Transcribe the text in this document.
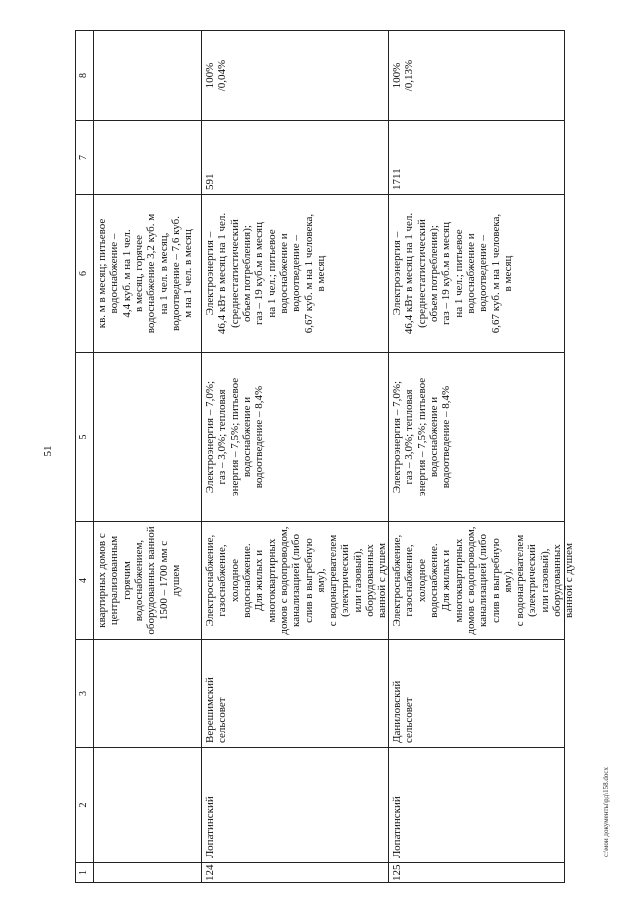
51
c:\мои документы\рд\158.docx
1
2
3
4
5
6
7
8
квартирных домов с
централизованным
горячим
водоснабжением,
оборудованных ванной
1500 – 1700 мм с душем
кв. м в месяц; питьевое
водоснабжение –
4,4 куб. м на 1 чел.
в месяц, горячее
водоснабжение 3,2 куб. м
на 1 чел. в месяц,
водоотведение – 7,6 куб.
м на 1 чел. в месяц
124
Лопатинский
Верешимский
сельсовет
Электроснабжение,
газоснабжение,
холодное
водоснабжение.
Для жилых и
многоквартирных
домов с водопроводом,
канализацией (либо
слив в выгребную яму),
с водонагревателем
(электрический
или газовый),
оборудованных
ванной с душем
Электроэнергия – 7,0%;
газ – 3,0%; тепловая
энергия – 7,5%; питьевое
водоснабжение и
водоотведение – 8,4%
Электроэнергия –
46,4 кВт в месяц на 1 чел.
(среднестатистический
объем потребления);
газ – 19 куб.м в месяц
на 1 чел.; питьевое
водоснабжение и
водоотведение –
6,67 куб. м на 1 человека,
в месяц
591
100%
/0,04%
125
Лопатинский
Даниловский
сельсовет
Электроснабжение,
газоснабжение,
холодное
водоснабжение.
Для жилых и
многоквартирных
домов с водопроводом,
канализацией (либо
слив в выгребную яму),
с водонагревателем
(электрический
или газовый),
оборудованных
ванной с душем
Электроэнергия – 7,0%;
газ – 3,0%; тепловая
энергия – 7,5%; питьевое
водоснабжение и
водоотведение – 8,4%
Электроэнергия –
46,4 кВт в месяц на 1 чел.
(среднестатистический
объем потребления);
газ – 19 куб.м в месяц
на 1 чел.; питьевое
водоснабжение и
водоотведение –
6,67 куб. м на 1 человека,
в месяц
1711
100%
/0,13%
